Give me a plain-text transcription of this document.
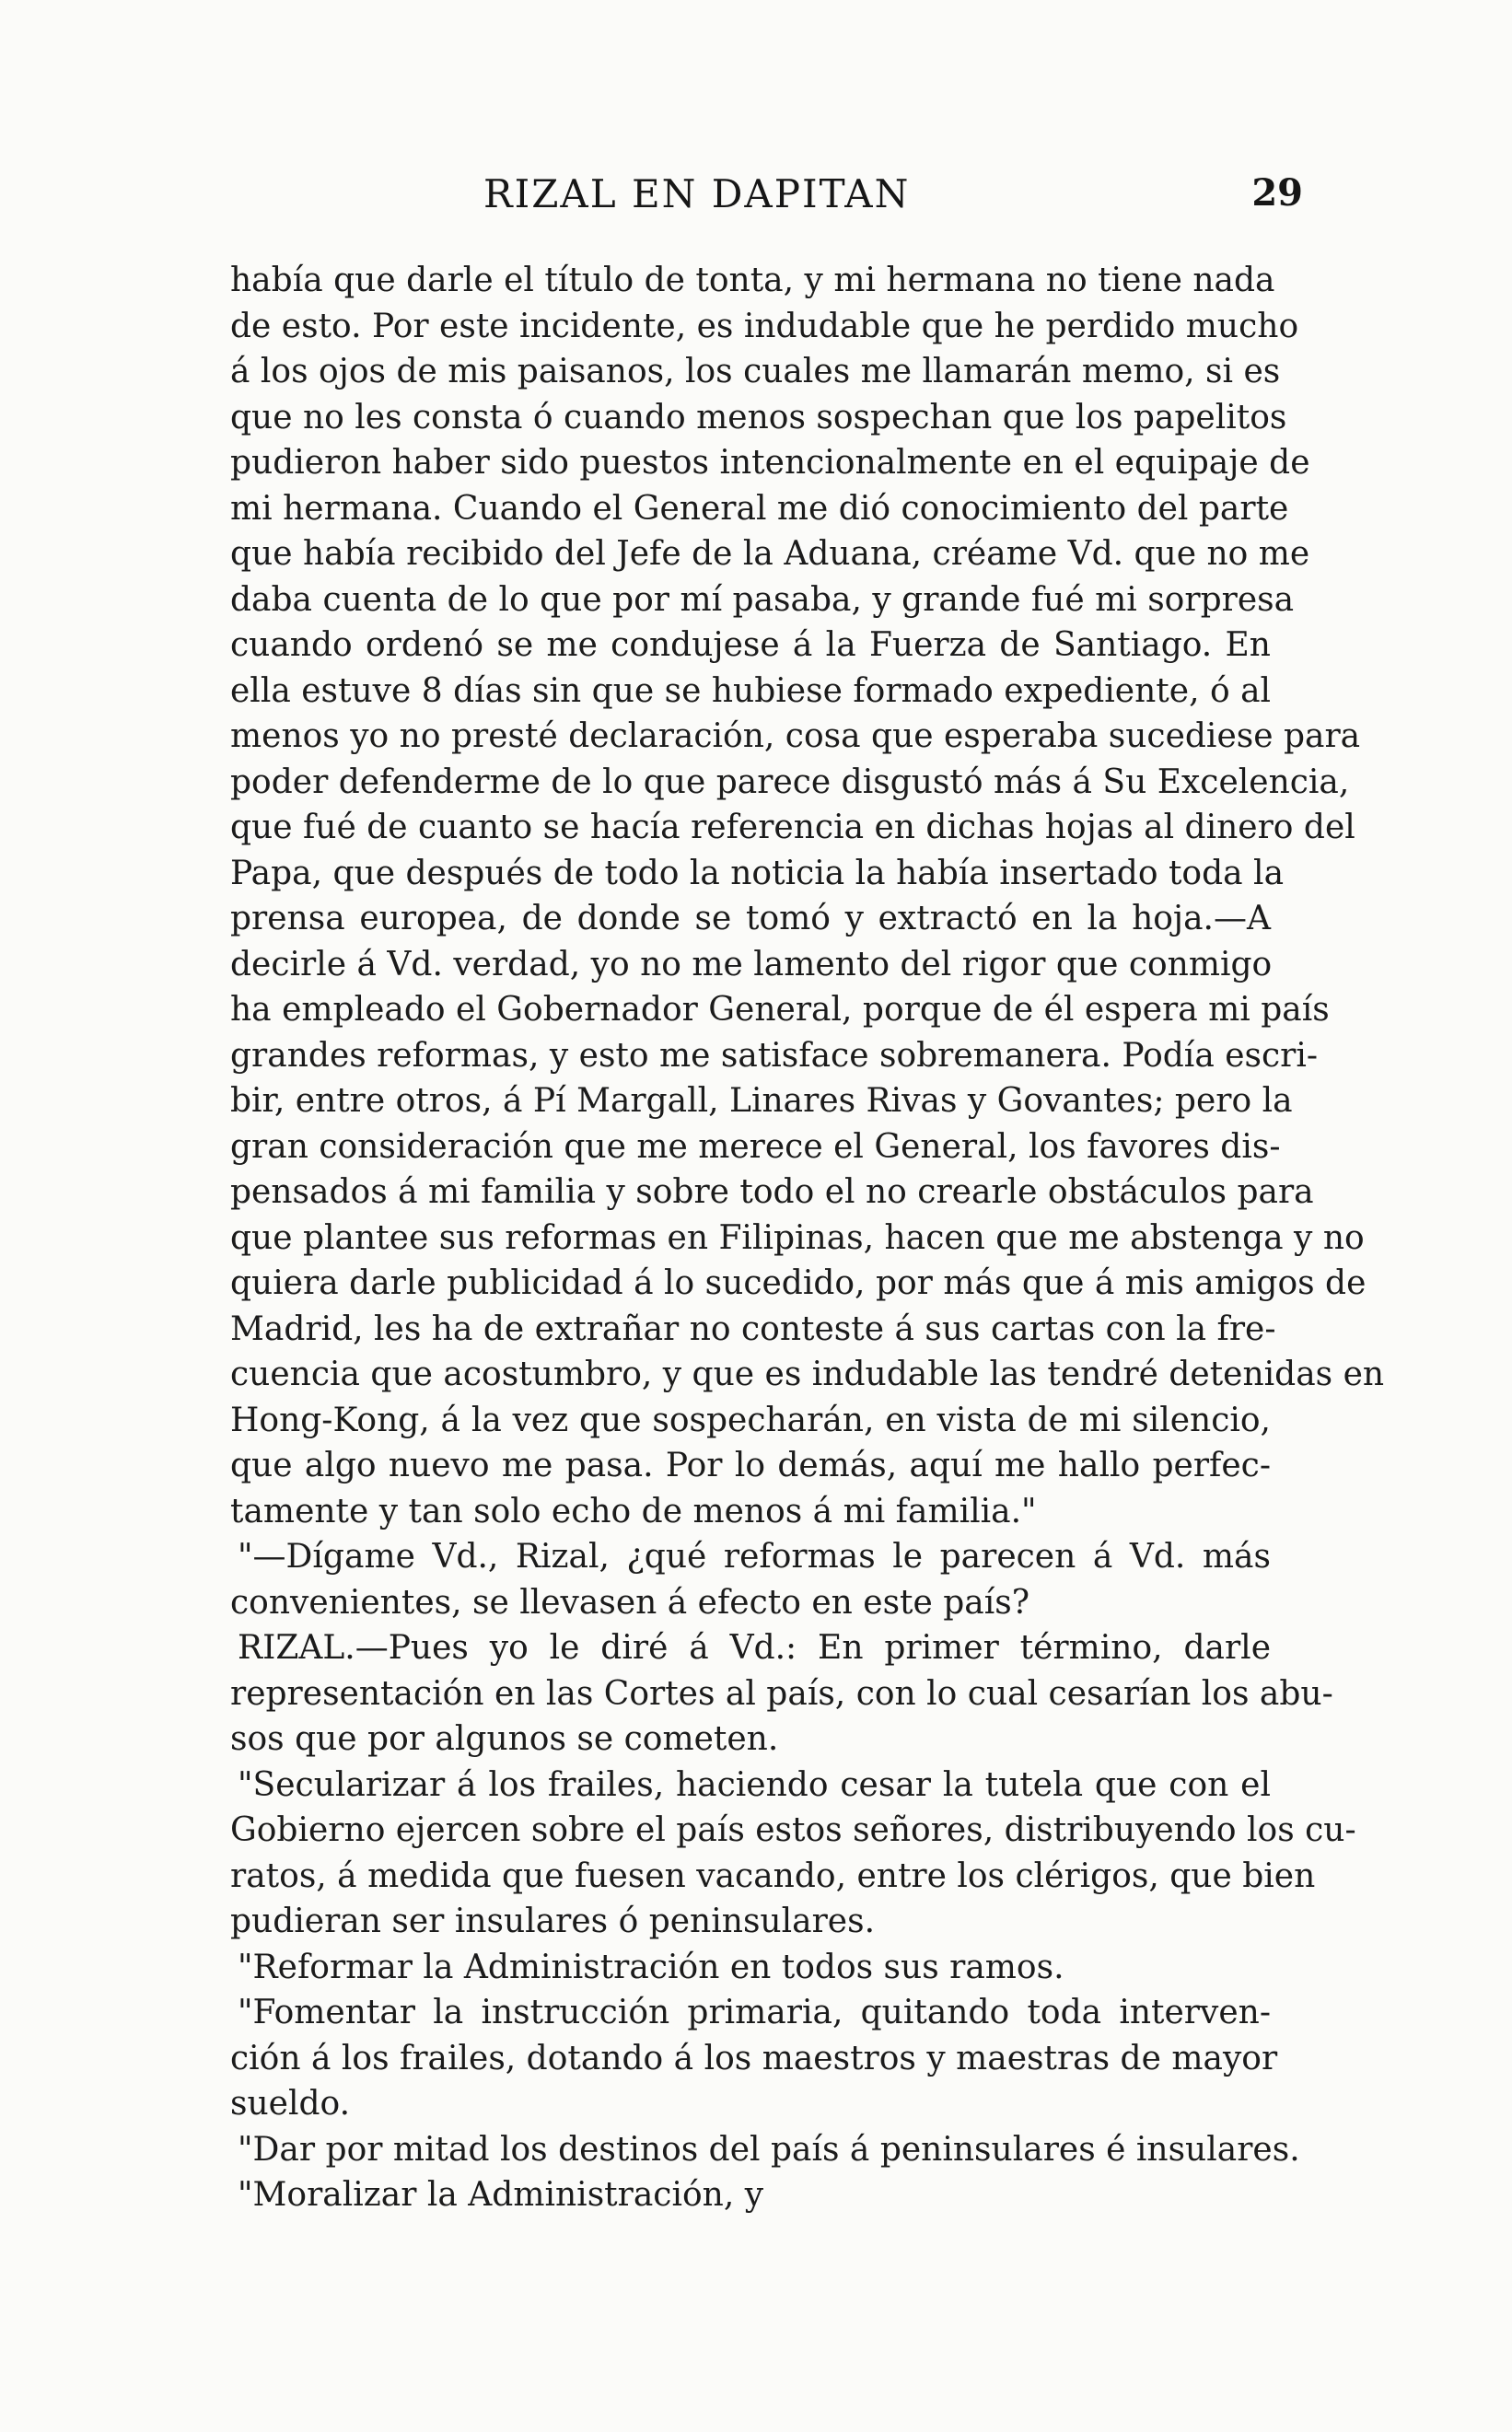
RIZAL EN DAPITAN	29
había que darle el título de tonta, y mi hermana no tiene nada
de esto. Por este incidente, es indudable que he perdido mucho
á los ojos de mis paisanos, los cuales me llamarán memo, si es
que no les consta ó cuando menos sospechan que los papelitos
pudieron haber sido puestos intencionalmente en el equipaje de
mi hermana. Cuando el General me dió conocimiento del parte
que había recibido del Jefe de la Aduana, créame Vd. que no me
daba cuenta de lo que por mí pasaba, y grande fué mi sorpresa
cuando ordenó se me condujese á la Fuerza de Santiago. En
ella estuve 8 días sin que se hubiese formado expediente, ó al
menos yo no presté declaración, cosa que esperaba sucediese para
poder defenderme de lo que parece disgustó más á Su Excelencia,
que fué de cuanto se hacía referencia en dichas hojas al dinero del
Papa, que después de todo la noticia la había insertado toda la
prensa europea, de donde se tomó y extractó en la hoja.—A
decirle á Vd. verdad, yo no me lamento del rigor que conmigo
ha empleado el Gobernador General, porque de él espera mi país
grandes reformas, y esto me satisface sobremanera. Podía escri-
bir, entre otros, á Pí Margall, Linares Rivas y Govantes; pero la
gran consideración que me merece el General, los favores dis-
pensados á mi familia y sobre todo el no crearle obstáculos para
que plantee sus reformas en Filipinas, hacen que me abstenga y no
quiera darle publicidad á lo sucedido, por más que á mis amigos de
Madrid, les ha de extrañar no conteste á sus cartas con la fre-
cuencia que acostumbro, y que es indudable las tendré detenidas en
Hong-Kong, á la vez que sospecharán, en vista de mi silencio,
que algo nuevo me pasa. Por lo demás, aquí me hallo perfec-
tamente y tan solo echo de menos á mi familia."
"—Dígame Vd., Rizal, ¿qué reformas le parecen á Vd. más
convenientes, se llevasen á efecto en este país?
RIZAL.—Pues yo le diré á Vd.: En primer término, darle
representación en las Cortes al país, con lo cual cesarían los abu-
sos que por algunos se cometen.
"Secularizar á los frailes, haciendo cesar la tutela que con el
Gobierno ejercen sobre el país estos señores, distribuyendo los cu-
ratos, á medida que fuesen vacando, entre los clérigos, que bien
pudieran ser insulares ó peninsulares.
"Reformar la Administración en todos sus ramos.
"Fomentar la instrucción primaria, quitando toda interven-
ción á los frailes, dotando á los maestros y maestras de mayor
sueldo.
"Dar por mitad los destinos del país á peninsulares é insulares.
"Moralizar la Administración, y
